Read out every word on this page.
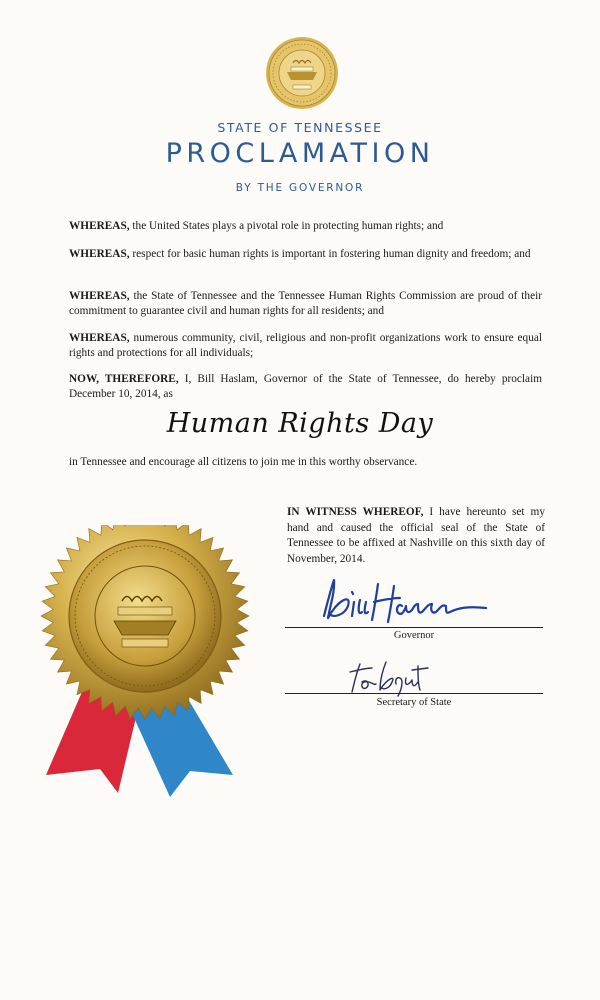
STATE OF TENNESSEE
PROCLAMATION
BY THE GOVERNOR

WHEREAS, the United States plays a pivotal role in protecting human rights; and

WHEREAS, respect for basic human rights is important in fostering human dignity and freedom; and

WHEREAS, the State of Tennessee and the Tennessee Human Rights Commission are proud of their commitment to guarantee civil and human rights for all residents; and

WHEREAS, numerous community, civil, religious and non-profit organizations work to ensure equal rights and protections for all individuals;

NOW, THEREFORE, I, Bill Haslam, Governor of the State of Tennessee, do hereby proclaim December 10, 2014, as

Human Rights Day

in Tennessee and encourage all citizens to join me in this worthy observance.

IN WITNESS WHEREOF, I have hereunto set my hand and caused the official seal of the State of Tennessee to be affixed at Nashville on this sixth day of November, 2014.

Governor
Secretary of State
